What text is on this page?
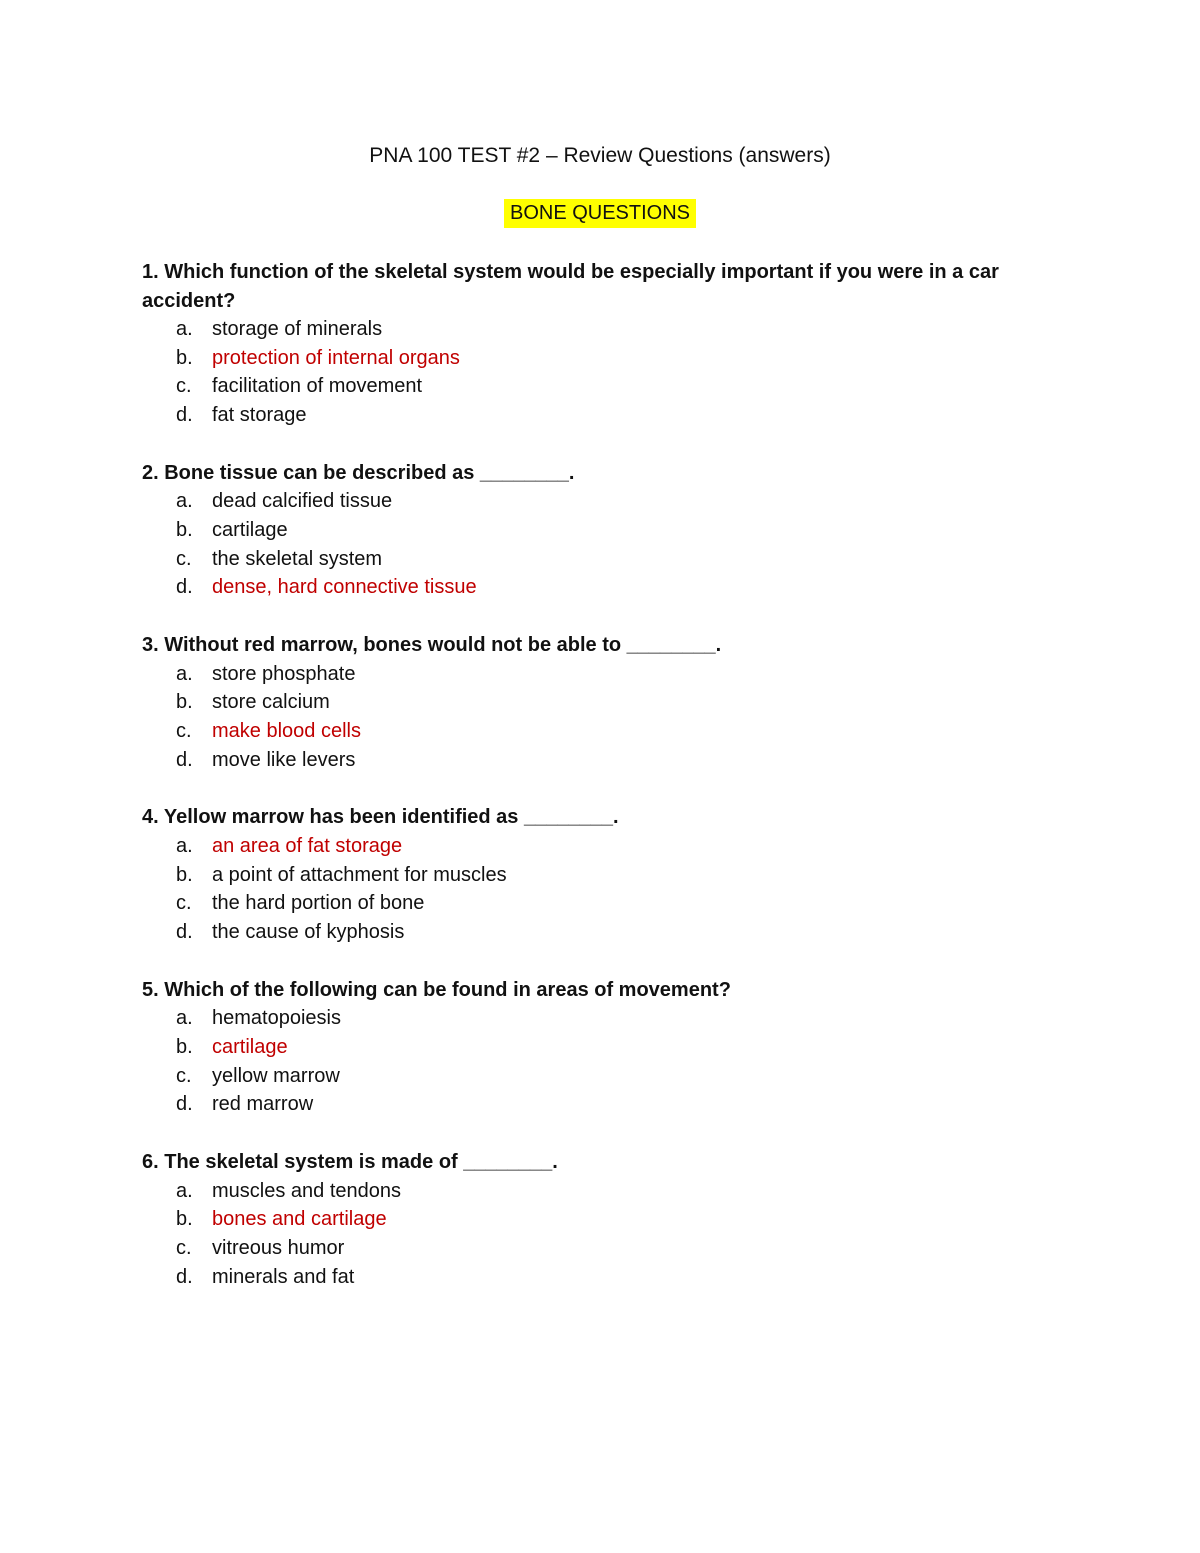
PNA 100 TEST #2 – Review Questions (answers)
BONE QUESTIONS

1. Which function of the skeletal system would be especially important if you were in a car accident?

a. storage of minerals
b. protection of internal organs
c.	facilitation of movement
d. fat storage

2. Bone tissue can be described as ________.

a. dead calcified tissue
b. cartilage
c.	the skeletal system
d. dense, hard connective tissue

3. Without red marrow, bones would not be able to ________.

a. store phosphate
b. store calcium
c.	make blood cells
d. move like levers

4. Yellow marrow has been identified as ________.

a. an area of fat storage
b. a point of attachment for muscles
c.	the hard portion of bone
d. the cause of kyphosis

5. Which of the following can be found in areas of movement?

a. hematopoiesis
b. cartilage
c.	yellow marrow
d. red marrow

6. The skeletal system is made of ________.

a. muscles and tendons
b. bones and cartilage
c.	vitreous humor
d. minerals and fat
